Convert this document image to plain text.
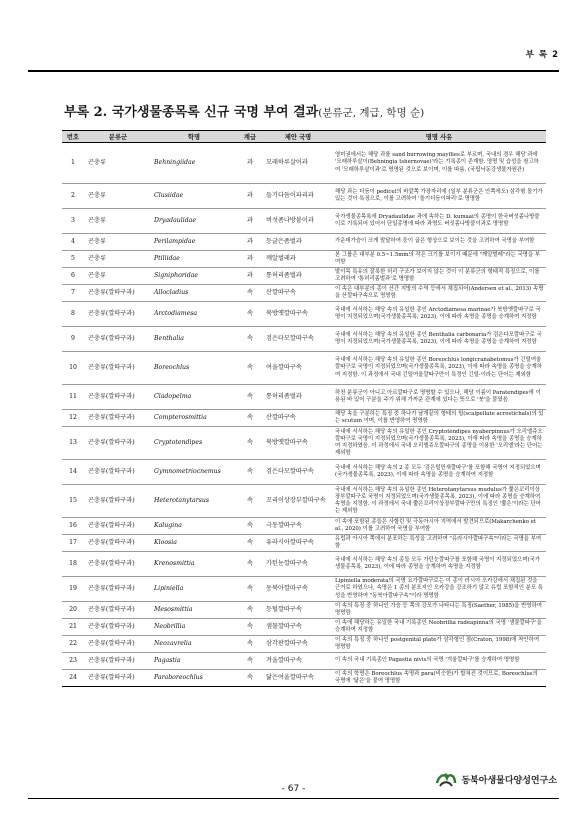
부 록 2
부록 2. 국가생물종목록 신규 국명 부여 결과(분류군, 계급, 학명 순)
번호	분류군	학명	계급	제안 국명	명명 사유
1	곤충류	Behningiidae	과	모래하루살이과	영미권에서는 해당 과를 sand burrowing mayflies로 부르며, 국내의 경우 해당 과에 '모래하루살이(Behningia tshernovae)'라는 기록종이 존재함. 영명 및 습성을 참고하여 '모래하루살이과'로 명명된 것으로 보이며, 이를 따름. (국립낙동강생물자원관)
2	곤충류	Clusiidae	과	들기다듬이파리과	해당 과는 더듬이 pedicel의 바깥쪽 가장자리에 (일부 분류군은 안쪽에도) 삼각형 돌기가 있는 것이 특징으로, 이를 고려하여 '돌기더듬이파리'로 명명함
3	곤충류	Dryadaulidae	과	버섯좀나방붙이과	국가생물종목록에 Dryadaulidae 과에 속하는 D. kumaai의 종명이 한국버섯좀나방붙이로 기록되어 있어서 단일종명에 따라 과명도 버섯좀나방붙이과로 명명함
4	곤충류	Perilampidae	과	등글은좀벌과	가운데가슴이 크게 발달하여 둥이 굽은 형상으로 보이는 것을 고려하여 국명을 부여함
5	곤충류	Ptiliidae	과	깨알벌레과	본 그룹은 대부분 0.5~1.5mm의 작은 크기를 보이기 때문에 "깨알벌레"라는 국명을 부여함
6	곤충류	Signiphoridae	과	통허리좀벌과	발이목 특유의 잘록한 허리 구조가 보이지 않는 것이 이 분류군의 형태적 특징으로, 이를 고려하여 '통허리좀벌과'로 명명함
7	곤충류(깔따구과)	Allocladius	속	산깔따구속	이 속은 대부분의 종이 산간 지방의 수역 등에서 채집되어(Andersen et al., 2013) 속명을 산깔따구속으로 명명함
8	곤충류(깔따구과)	Arctodiamesa	속	북방옛깔따구속	국내에 서식하는 해당 속의 유일한 종인 Arctodiamesa marinae가 북방옛깔따구로 국명이 지정되었으며(국가생물종목록, 2023), 이에 따라 속명을 종명을 승계하여 지정함
9	곤충류(깔따구과)	Benthalia	속	검은다모깔따구속	국내에 서식하는 해당 속의 유일한 종인 Benthalia carbonaria가 검은다모깔따구로 국명이 지정되었으며(국가생물종목록, 2023), 이에 따라 속명을 종명을 승계하여 지정함
10	곤충류(깔따구과)	Boreochlus	속	여울깔따구속	국내에 서식하는 해당 속의 유일한 종인 Boreochlus longicranabetomus가 긴털여울깔따구로 국명이 지정되었으며(국가생물종목록, 2023), 이에 따라 속명을 종명을 승계하여 지정함. 이 과정에서 국내 긴털여울깔따구만이 특정인 긴털-이라는 단어는 제외함
11	곤충류(깔따구과)	Cladopelma	속	통허리좀벌과	하천 분류군이 아니고 아르깔따구로 명명할 수 있으나, 해당 이름이 Paratendipes에 이용된 바 있어 구분을 주기 위해 가까운 관계에 있다는 뜻으로 '붓'을 붙였음
12	곤충류(깔따구과)	Compterosmittia	속	산깔따구속	해당 속을 구분하는 특징 중 하나가 날개끝의 형태의 털(scalpellate acrostichals)의 있는 scutum 이며, 이를 반영하여 명명함
13	곤충류(깔따구과)	Cryptotendipes	속	북방옛깔따구속	국내에 서식하는 해당 속의 유일한 종인 Cryptotendipes nyaberpinnus가 오리엘쥬오깔따구로 국명이 지정되었으며(국가생물종목록, 2023), 이에 따라 속명을 종명을 승계하여 지정하였음. 이 과정에서 국내 오리엘쥬오깔따구의 종명을 이용한 '오리엘'라는 단어는 제외함
14	곤충류(깔따구과)	Gymnometriocnemus	속	검은다모깔따구속	국내에 서식하는 해당 속의 2 종 모두 '검은털민새깔따구'를 포함해 국명이 지정되었으며(국가생물종목록, 2023), 이에 따라 속명을 종명을 승계하여 지정함
15	곤충류(깔따구과)	Heterotanytarsus	속	꼬리이상장부깔따구속	국내에 서식하는 해당 속의 유일한 종인 Heterotanytarsus mudulus가 쭕은꼬리이상장부깔따구로 국명이 지정되었으며(국가생물종목록, 2023), 이에 따라 종명을 승계하여 속명을 지정함. 이 과정에서 국내 쭕은꼬리이상장부깔따구만의 특징인 '쭕은'이라는 단어는 제외함
16	곤충류(깔따구과)	Kalugina	속	극동깔따구속	이 속에 포함된 종들은 사할린 및 극동아시아 지역에서 발견되므로(Makarchenko et al., 2020) 이를 고려하여 국명을 부여함
17	곤충류(깔따구과)	Kloosia	속	유라시아깔따구속	유럽과 아시아 쪽에서 분포하는 특성을 고려하여 "유라시아깔따구속"이라는 국명을 부여함
18	곤충류(깔따구과)	Krenosmittia	속	가턴눈깔따구속	국내에 서식하는 해당 속의 종들 모두 가턴눈깔따구를 포함해 국명이 지정되었으며(국가생물종목록, 2023), 이에 따라 종명을 승계하여 속명을 지정함
19	곤충류(깔따구과)	Lipiniella	속	동북아깔따구속	Lipiniella moderata의 국명 요가깔따구로는 이 종이 러시아 오카강에서 채집된 것을 근거로 하였으나, 속명은 1 종의 분포지인 오카강을 강조하기 않고 유럽 포함적인 분포 특성을 반영하여 "동북아깔따구속"이라 명명함
20	곤충류(깔따구과)	Mesosmittia	속	등털깔따구속	이 속의 특징 중 하나인 가슴 등 쪽의 강모가 나타나는 특징(Saether, 1985)을 반영하여 명명함
21	곤충류(깔따구과)	Neobrillia	속	샘물깔따구속	이 속에 해당하는 유일한 국내 기록종인 Neobrillia radeapinna의 국명 '샘물깔따구'을 승계하여 지정함
22	곤충류(깔따구과)	Neozavrelia	속	삼각판깔따구속	이 속의 특징 중 하나인 postgenital plate가 삼각형인 점(Craton, 1998)에 착안하여 명명함
23	곤충류(깔따구과)	Pagastia	속	겨울깔따구속	이 속의 국내 기록종인 Pagastia nivis의 국명 '겨울깔따구'를 승계하여 명명함
24	곤충류(깔따구과)	Paraboreochlus	속	닮은여울깔따구속	이 속의 학명은 Boreochlus 속명과 para(비슷한)가 합쳐진 것이므로, Boreochlus의 국명에 '닮은'을 붙여 명명함
- 67 -
동북아생물다양성연구소
